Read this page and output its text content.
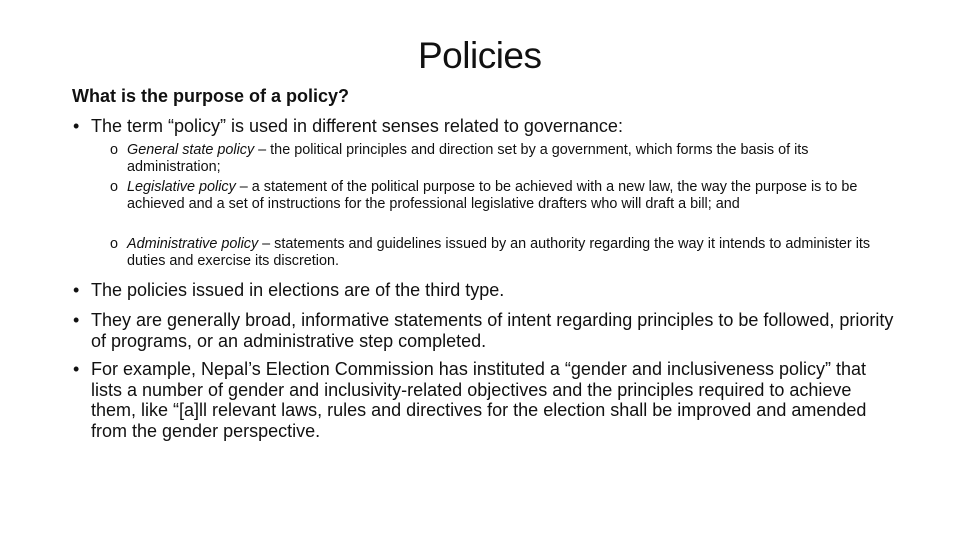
Policies
What is the purpose of a policy?
• The term “policy” is used in different senses related to governance:
o General state policy – the political principles and direction set by a government, which forms the basis of its administration;
o Legislative policy – a statement of the political purpose to be achieved with a new law, the way the purpose is to be achieved and a set of instructions for the professional legislative drafters who will draft a bill; and
o Administrative policy – statements and guidelines issued by an authority regarding the way it intends to administer its duties and exercise its discretion.
• The policies issued in elections are of the third type.
• They are generally broad, informative statements of intent regarding principles to be followed, priority of programs, or an administrative step completed.
• For example, Nepal’s Election Commission has instituted a “gender and inclusiveness policy” that lists a number of gender and inclusivity-related objectives and the principles required to achieve them, like “[a]ll relevant laws, rules and directives for the election shall be improved and amended from the gender perspective.
